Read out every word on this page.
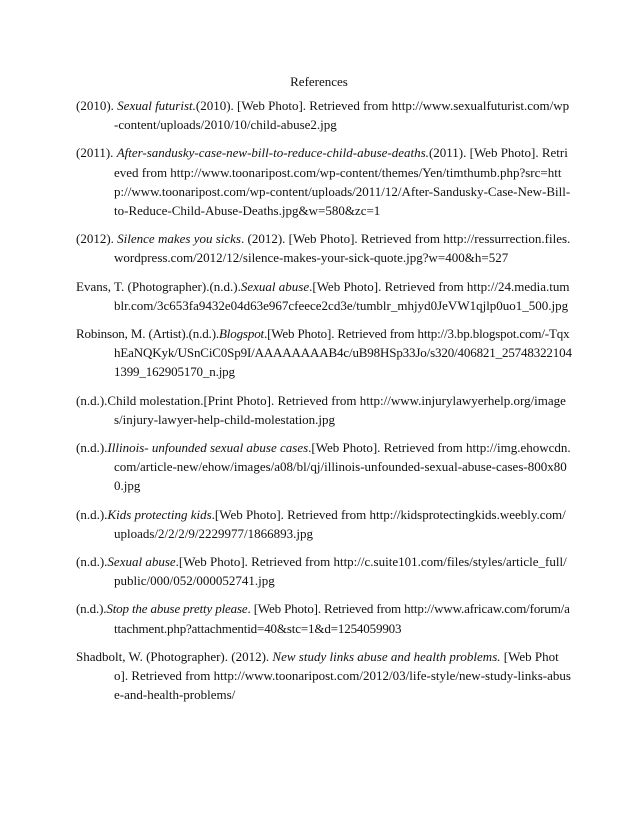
References

(2010). Sexual futurist.(2010). [Web Photo]. Retrieved from http://www.sexualfuturist.com/wp-content/uploads/2010/10/child-abuse2.jpg

(2011). After-sandusky-case-new-bill-to-reduce-child-abuse-deaths.(2011). [Web Photo]. Retrieved from http://www.toonaripost.com/wp-content/themes/Yen/timthumb.php?src=http://www.toonaripost.com/wp-content/uploads/2011/12/After-Sandusky-Case-New-Bill-to-Reduce-Child-Abuse-Deaths.jpg&w=580&zc=1

(2012). Silence makes you sicks. (2012). [Web Photo]. Retrieved from http://ressurrection.files.wordpress.com/2012/12/silence-makes-your-sick-quote.jpg?w=400&h=527

Evans, T. (Photographer).(n.d.).Sexual abuse.[Web Photo]. Retrieved from http://24.media.tumblr.com/3c653fa9432e04d63e967cfeece2cd3e/tumblr_mhjyd0JeVW1qjlp0uo1_500.jpg

Robinson, M. (Artist).(n.d.).Blogspot.[Web Photo]. Retrieved from http://3.bp.blogspot.com/-TqxhEaNQKyk/USnCiC0Sp9I/AAAAAAAAB4c/uB98HSp33Jo/s320/406821_257483221041399_162905170_n.jpg

(n.d.).Child molestation.[Print Photo]. Retrieved from http://www.injurylawyerhelp.org/images/injury-lawyer-help-child-molestation.jpg

(n.d.).Illinois- unfounded sexual abuse cases.[Web Photo]. Retrieved from http://img.ehowcdn.com/article-new/ehow/images/a08/bl/qj/illinois-unfounded-sexual-abuse-cases-800x800.jpg

(n.d.).Kids protecting kids.[Web Photo]. Retrieved from http://kidsprotectingkids.weebly.com/uploads/2/2/2/9/2229977/1866893.jpg

(n.d.).Sexual abuse.[Web Photo]. Retrieved from http://c.suite101.com/files/styles/article_full/public/000/052/000052741.jpg

(n.d.).Stop the abuse pretty please. [Web Photo]. Retrieved from http://www.africaw.com/forum/attachment.php?attachmentid=40&stc=1&d=1254059903

Shadbolt, W. (Photographer). (2012). New study links abuse and health problems. [Web Photo]. Retrieved from http://www.toonaripost.com/2012/03/life-style/new-study-links-abuse-and-health-problems/
